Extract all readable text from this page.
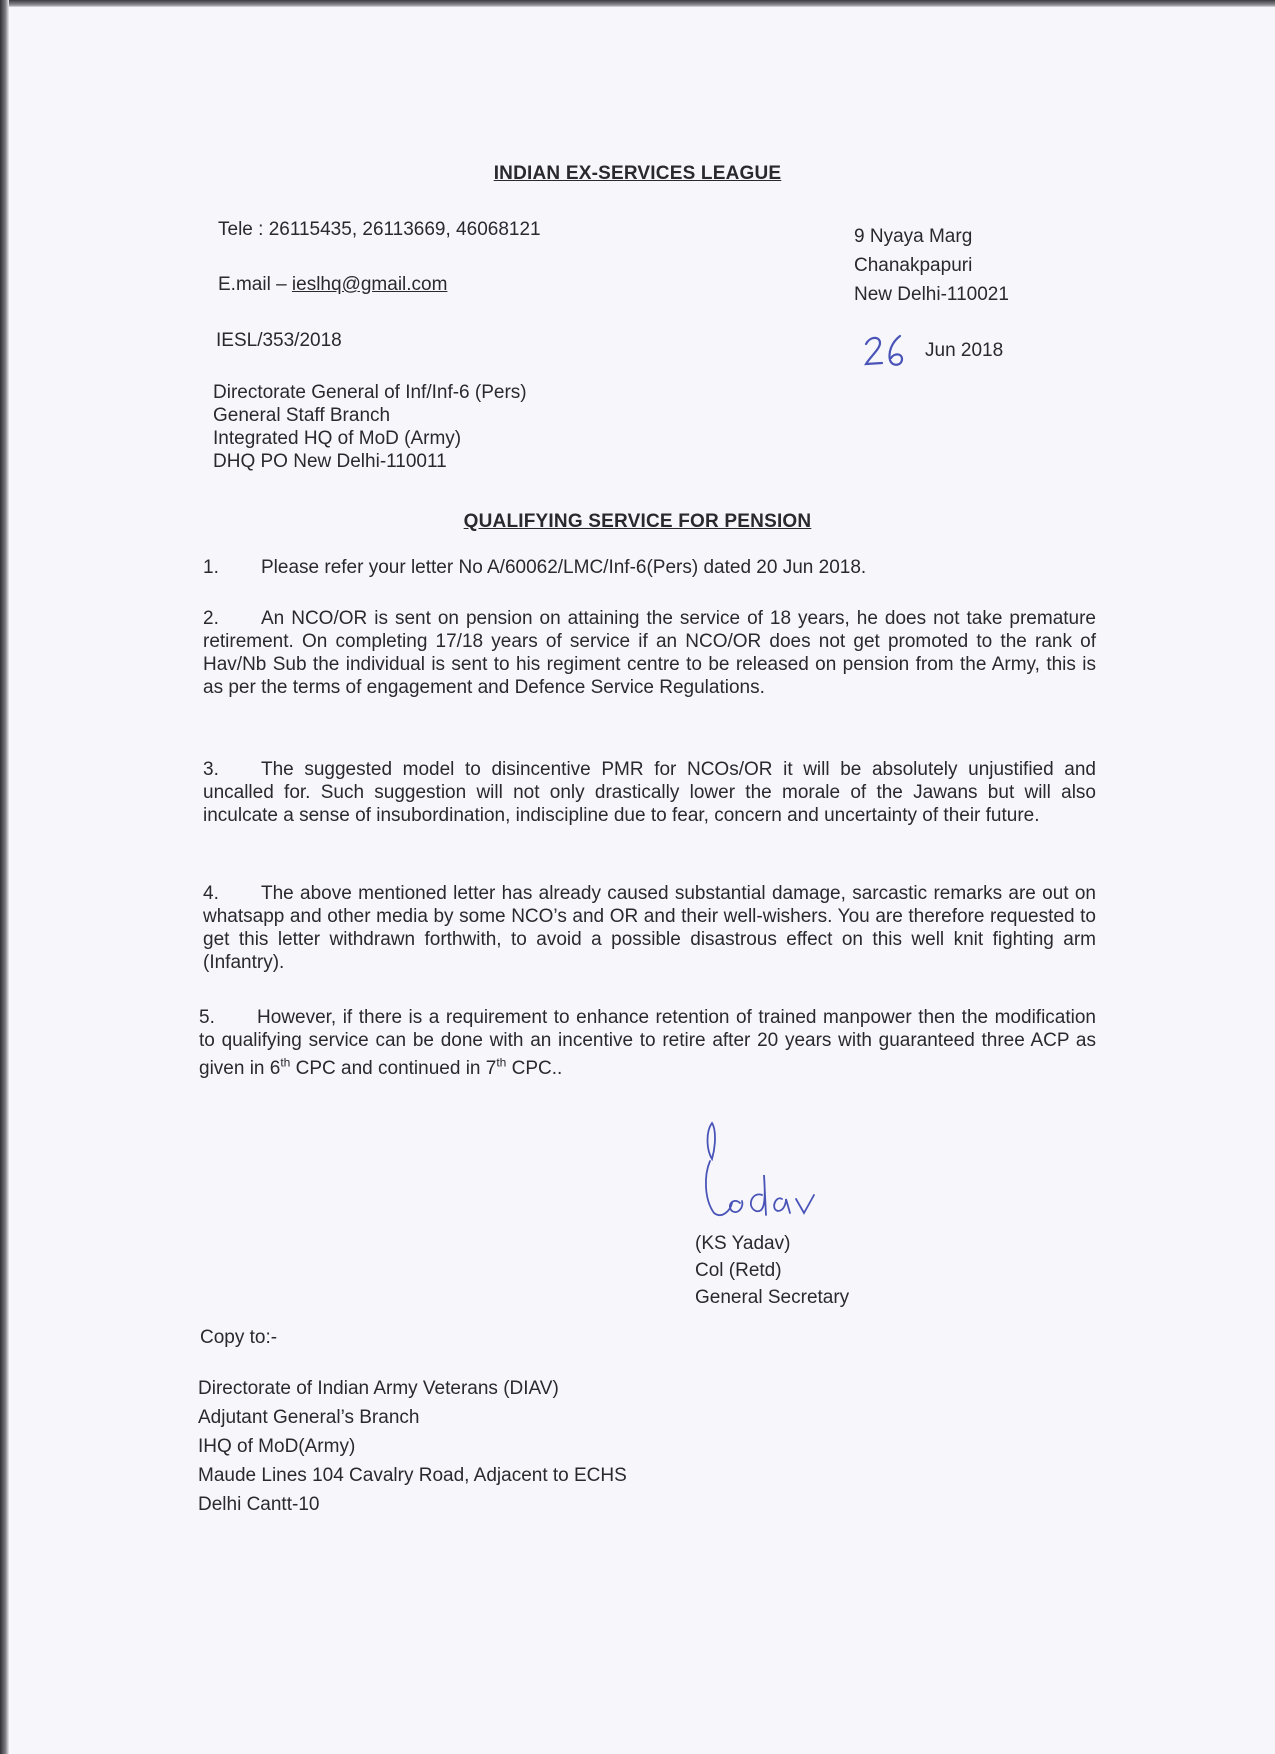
INDIAN EX-SERVICES LEAGUE
Tele : 26115435, 26113669, 46068121
E.mail – ieslhq@gmail.com
IESL/353/2018
9 Nyaya Marg
Chanakpapuri
New Delhi-110021
Jun 2018
Directorate General of Inf/Inf-6 (Pers)
General Staff Branch
Integrated HQ of MoD (Army)
DHQ PO New Delhi-110011
QUALIFYING SERVICE FOR PENSION
1. Please refer your letter No A/60062/LMC/Inf-6(Pers) dated 20 Jun 2018.
2. An NCO/OR is sent on pension on attaining the service of 18 years, he does not take premature retirement. On completing 17/18 years of service if an NCO/OR does not get promoted to the rank of Hav/Nb Sub the individual is sent to his regiment centre to be released on pension from the Army, this is as per the terms of engagement and Defence Service Regulations.
3. The suggested model to disincentive PMR for NCOs/OR it will be absolutely unjustified and uncalled for. Such suggestion will not only drastically lower the morale of the Jawans but will also inculcate a sense of insubordination, indiscipline due to fear, concern and uncertainty of their future.
4. The above mentioned letter has already caused substantial damage, sarcastic remarks are out on whatsapp and other media by some NCO’s and OR and their well-wishers. You are therefore requested to get this letter withdrawn forthwith, to avoid a possible disastrous effect on this well knit fighting arm (Infantry).
5. However, if there is a requirement to enhance retention of trained manpower then the modification to qualifying service can be done with an incentive to retire after 20 years with guaranteed three ACP as given in 6th CPC and continued in 7th CPC..
(KS Yadav)
Col (Retd)
General Secretary
Copy to:-
Directorate of Indian Army Veterans (DIAV)
Adjutant General’s Branch
IHQ of MoD(Army)
Maude Lines 104 Cavalry Road, Adjacent to ECHS
Delhi Cantt-10
